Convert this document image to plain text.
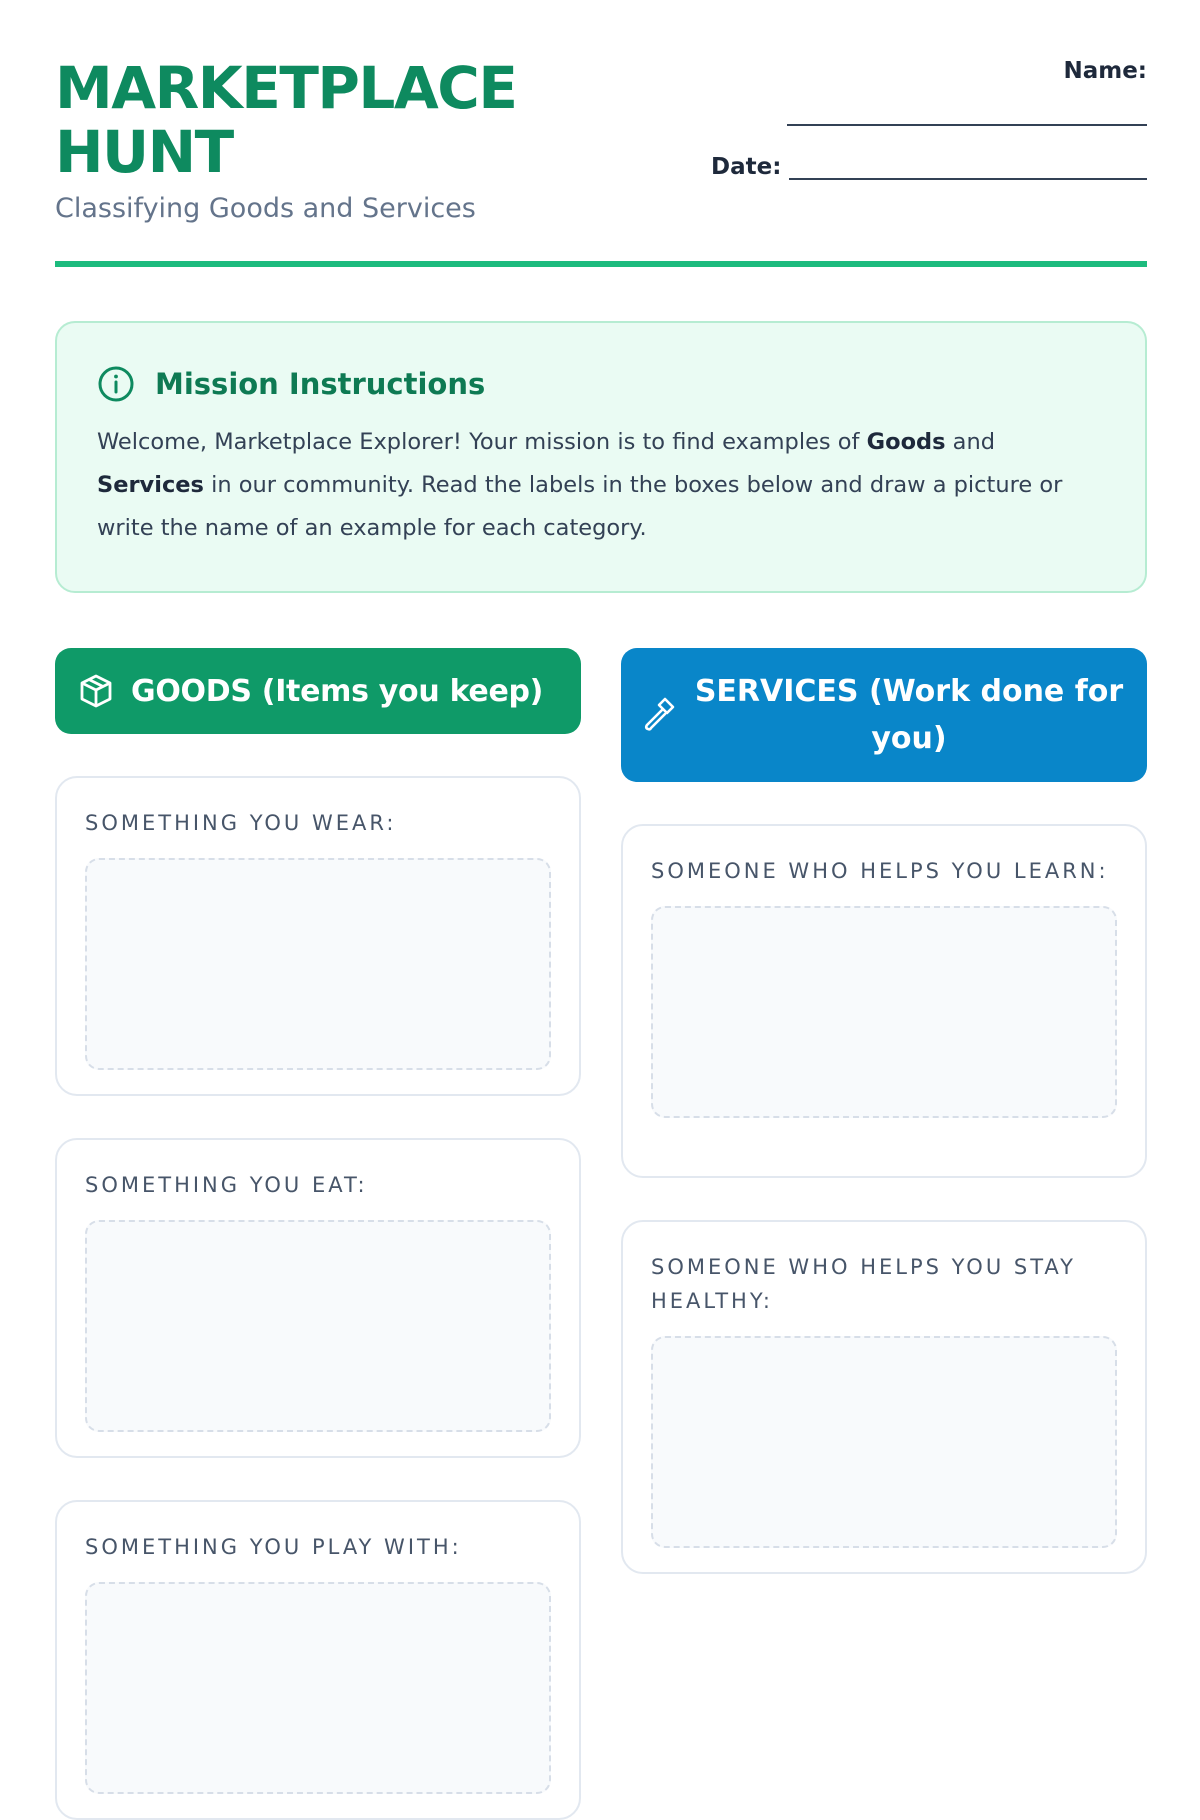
MARKETPLACE
HUNT
Classifying Goods and Services
Name:
Date:
Mission Instructions
Welcome, Marketplace Explorer! Your mission is to find examples of Goods and Services in our community. Read the labels in the boxes below and draw a picture or write the name of an example for each category.
GOODS (Items you keep)
SOMETHING YOU WEAR:
SOMETHING YOU EAT:
SOMETHING YOU PLAY WITH:
SERVICES (Work done for you)
SOMEONE WHO HELPS YOU LEARN:
SOMEONE WHO HELPS YOU STAY HEALTHY:
